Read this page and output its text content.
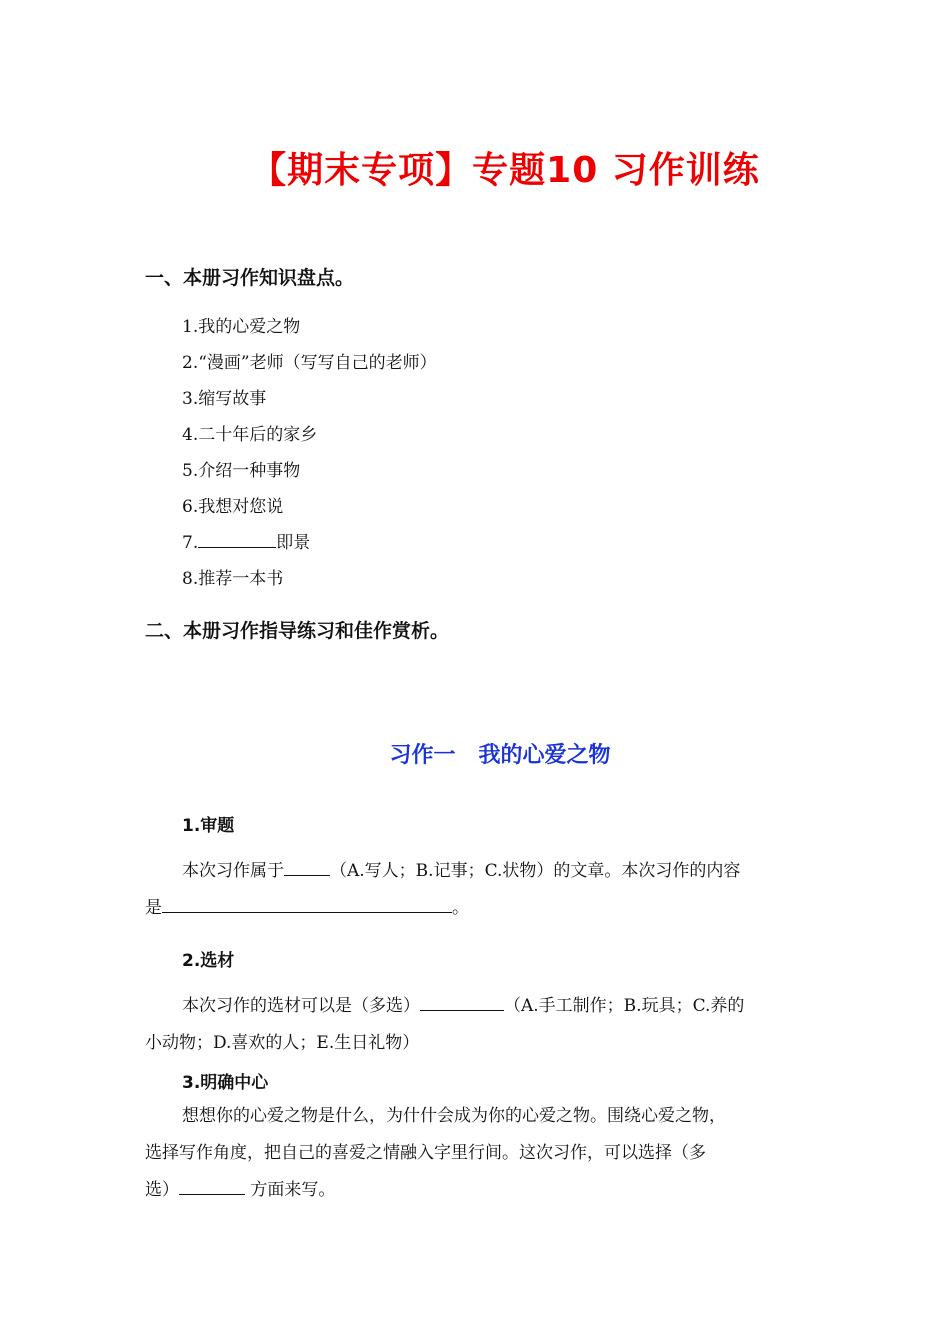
【期末专项】专题10 习作训练
一、本册习作知识盘点。
1.我的心爱之物
2.“漫画”老师（写写自己的老师）
3.缩写故事
4.二十年后的家乡
5.介绍一种事物
6.我想对您说
7.	即景
8.推荐一本书
二、本册习作指导练习和佳作赏析。
习作一   我的心爱之物
1.审题
本次习作属于	（A.写人；B.记事；C.状物）的文章。本次习作的内容
是	。
2.选材
本次习作的选材可以是（多选）	（A.手工制作；B.玩具；C.养的
小动物；D.喜欢的人；E.生日礼物）
3.明确中心
想想你的心爱之物是什么，为什什会成为你的心爱之物。围绕心爱之物，
选择写作角度，把自己的喜爱之情融入字里行间。这次习作，可以选择（多
选）	方面来写。
